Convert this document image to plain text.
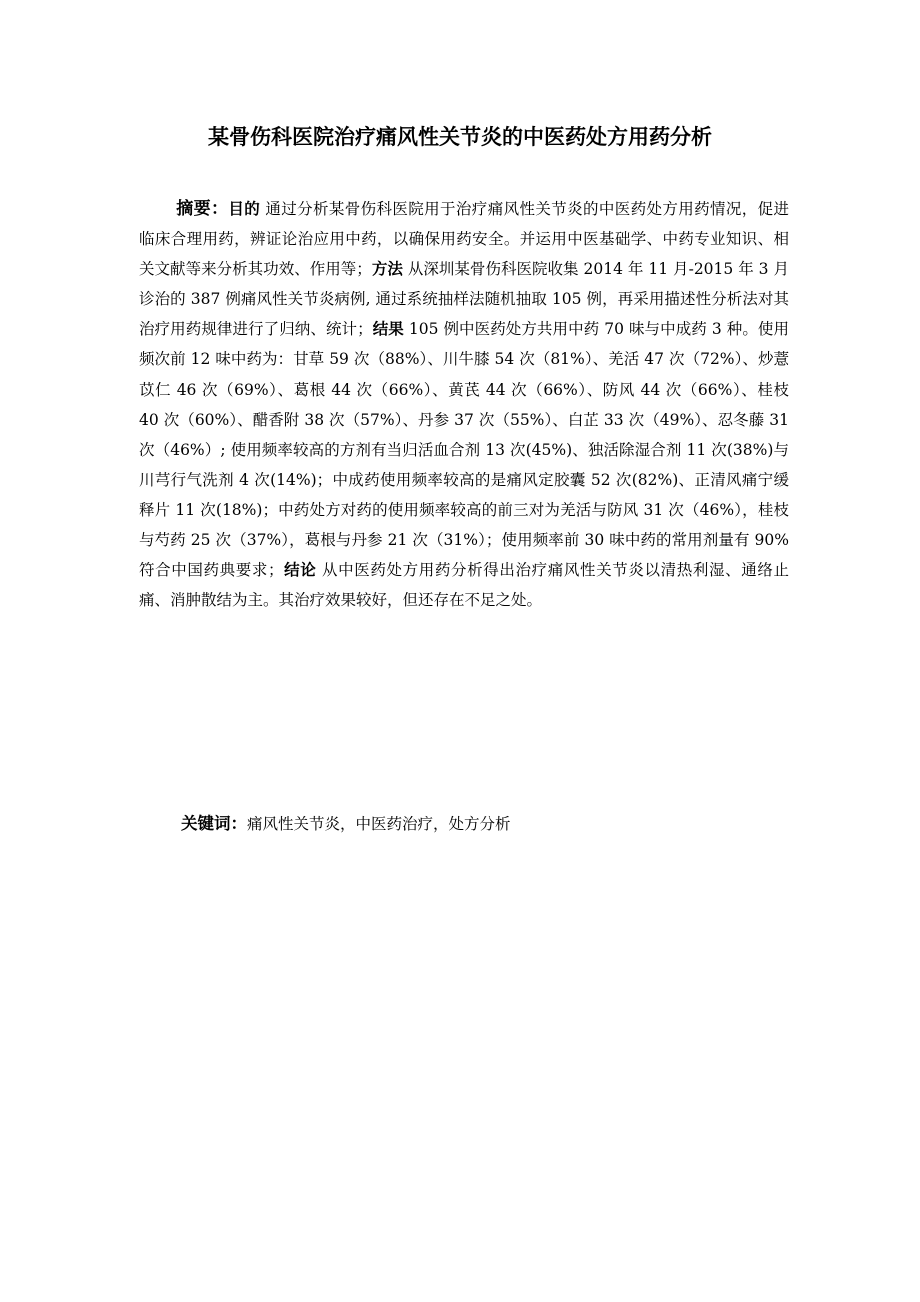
某骨伤科医院治疗痛风性关节炎的中医药处方用药分析

摘要：目的 通过分析某骨伤科医院用于治疗痛风性关节炎的中医药处方用药情况，促进临床合理用药，辨证论治应用中药，以确保用药安全。并运用中医基础学、中药专业知识、相关文献等来分析其功效、作用等；方法 从深圳某骨伤科医院收集 2014 年 11 月-2015 年 3 月诊治的 387 例痛风性关节炎病例, 通过系统抽样法随机抽取 105 例，再采用描述性分析法对其治疗用药规律进行了归纳、统计；结果 105 例中医药处方共用中药 70 味与中成药 3 种。使用频次前 12 味中药为：甘草 59 次（88%）、川牛膝 54 次（81%）、羌活 47 次（72%）、炒薏苡仁 46 次（69%）、葛根 44 次（66%）、黄芪 44 次（66%）、防风 44 次（66%）、桂枝 40 次（60%）、醋香附 38 次（57%）、丹参 37 次（55%）、白芷 33 次（49%）、忍冬藤 31 次（46%）; 使用频率较高的方剂有当归活血合剂 13 次(45%)、独活除湿合剂 11 次(38%)与川芎行气洗剂 4 次(14%)；中成药使用频率较高的是痛风定胶囊 52 次(82%)、正清风痛宁缓释片 11 次(18%)；中药处方对药的使用频率较高的前三对为羌活与防风 31 次（46%），桂枝与芍药 25 次（37%），葛根与丹参 21 次（31%）；使用频率前 30 味中药的常用剂量有 90%符合中国药典要求；结论 从中医药处方用药分析得出治疗痛风性关节炎以清热利湿、通络止痛、消肿散结为主。其治疗效果较好，但还存在不足之处。

关键词：痛风性关节炎，中医药治疗，处方分析
